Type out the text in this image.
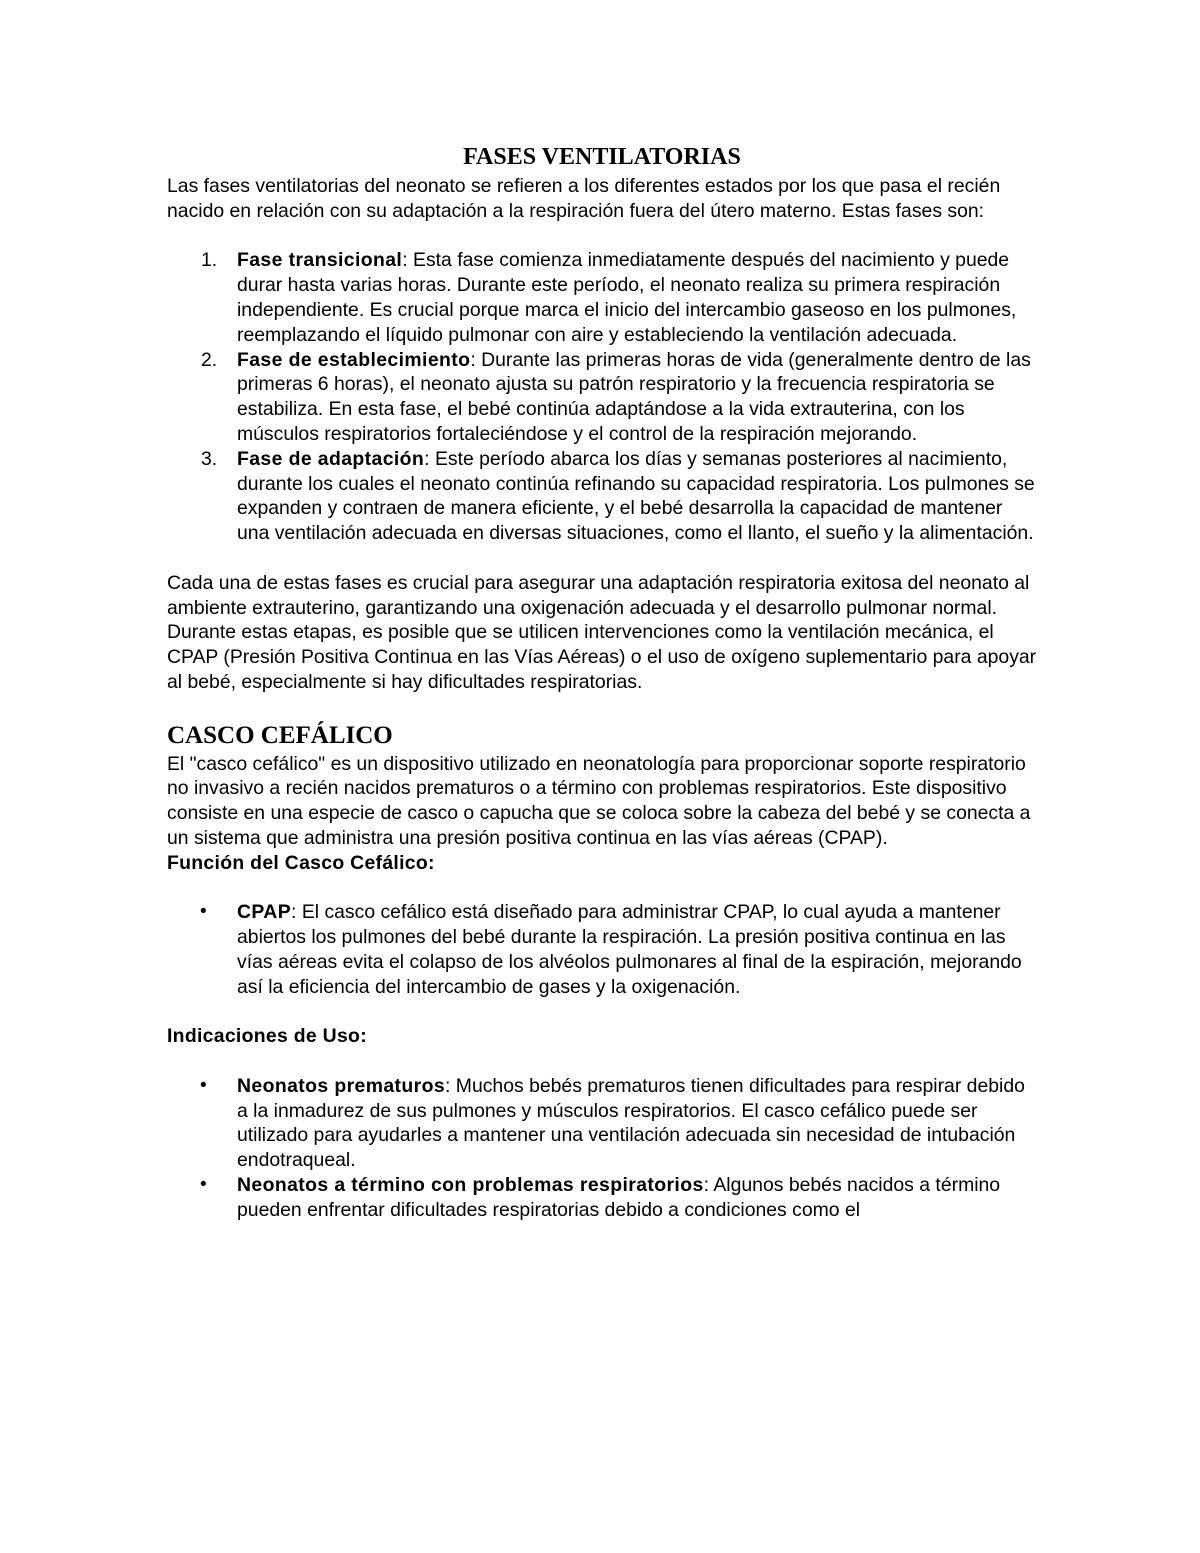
FASES VENTILATORIAS

Las fases ventilatorias del neonato se refieren a los diferentes estados por los que pasa el recién nacido en relación con su adaptación a la respiración fuera del útero materno. Estas fases son:

1. Fase transicional: Esta fase comienza inmediatamente después del nacimiento y puede durar hasta varias horas. Durante este período, el neonato realiza su primera respiración independiente. Es crucial porque marca el inicio del intercambio gaseoso en los pulmones, reemplazando el líquido pulmonar con aire y estableciendo la ventilación adecuada.
2. Fase de establecimiento: Durante las primeras horas de vida (generalmente dentro de las primeras 6 horas), el neonato ajusta su patrón respiratorio y la frecuencia respiratoria se estabiliza. En esta fase, el bebé continúa adaptándose a la vida extrauterina, con los músculos respiratorios fortaleciéndose y el control de la respiración mejorando.
3. Fase de adaptación: Este período abarca los días y semanas posteriores al nacimiento, durante los cuales el neonato continúa refinando su capacidad respiratoria. Los pulmones se expanden y contraen de manera eficiente, y el bebé desarrolla la capacidad de mantener una ventilación adecuada en diversas situaciones, como el llanto, el sueño y la alimentación.

Cada una de estas fases es crucial para asegurar una adaptación respiratoria exitosa del neonato al ambiente extrauterino, garantizando una oxigenación adecuada y el desarrollo pulmonar normal. Durante estas etapas, es posible que se utilicen intervenciones como la ventilación mecánica, el CPAP (Presión Positiva Continua en las Vías Aéreas) o el uso de oxígeno suplementario para apoyar al bebé, especialmente si hay dificultades respiratorias.

CASCO CEFÁLICO

El "casco cefálico" es un dispositivo utilizado en neonatología para proporcionar soporte respiratorio no invasivo a recién nacidos prematuros o a término con problemas respiratorios. Este dispositivo consiste en una especie de casco o capucha que se coloca sobre la cabeza del bebé y se conecta a un sistema que administra una presión positiva continua en las vías aéreas (CPAP).

Función del Casco Cefálico:

• CPAP: El casco cefálico está diseñado para administrar CPAP, lo cual ayuda a mantener abiertos los pulmones del bebé durante la respiración. La presión positiva continua en las vías aéreas evita el colapso de los alvéolos pulmonares al final de la espiración, mejorando así la eficiencia del intercambio de gases y la oxigenación.

Indicaciones de Uso:

• Neonatos prematuros: Muchos bebés prematuros tienen dificultades para respirar debido a la inmadurez de sus pulmones y músculos respiratorios. El casco cefálico puede ser utilizado para ayudarles a mantener una ventilación adecuada sin necesidad de intubación endotraqueal.
• Neonatos a término con problemas respiratorios: Algunos bebés nacidos a término pueden enfrentar dificultades respiratorias debido a condiciones como el
